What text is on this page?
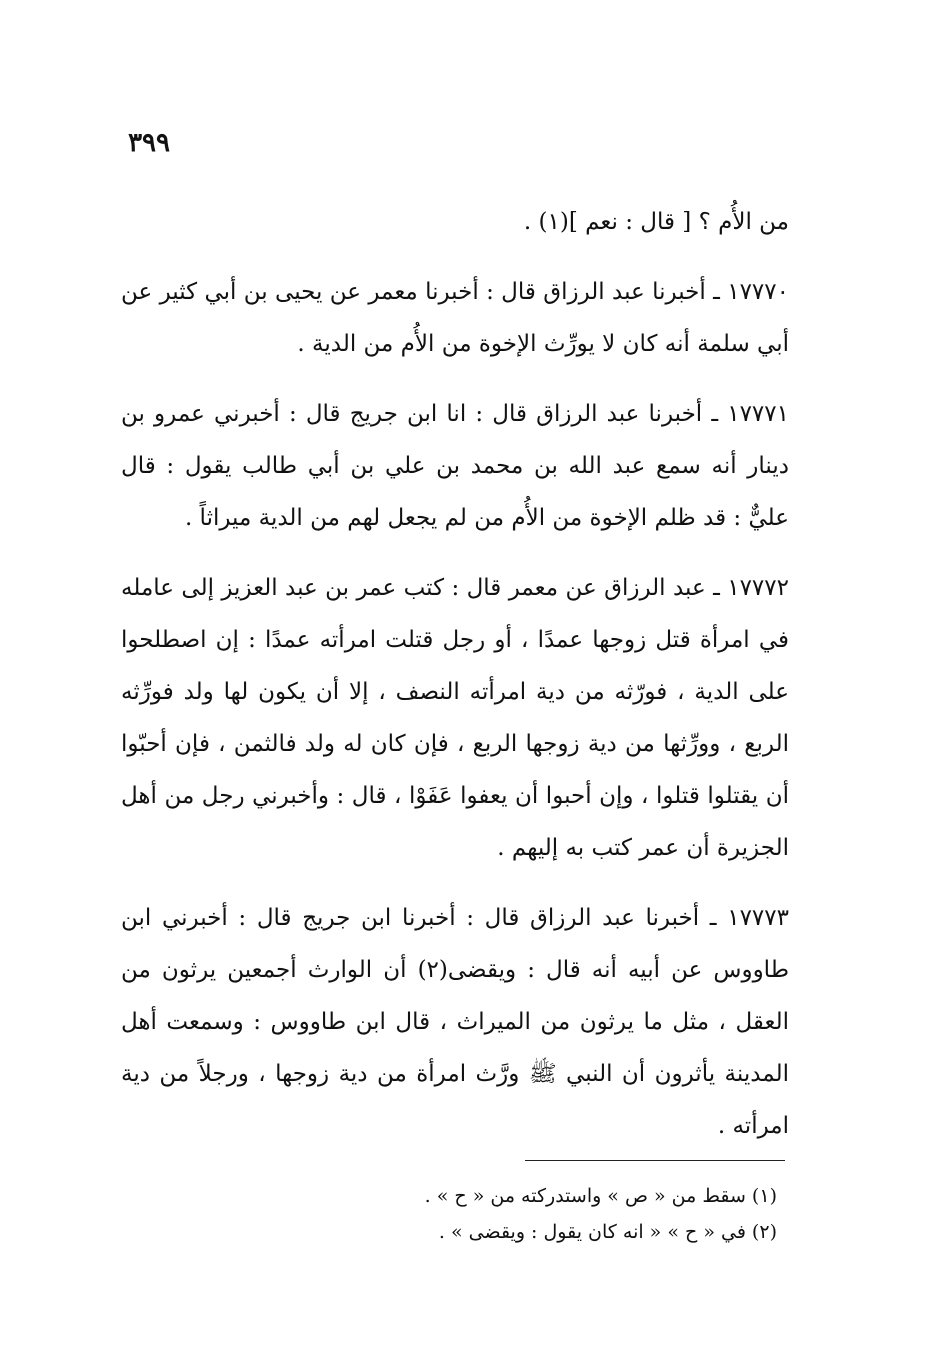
٣٩٩

من الأُم ؟ [ قال : نعم ](١) .

١٧٧٧٠ ـ أخبرنا عبد الرزاق قال : أخبرنا معمر عن يحيى بن أبي كثير عن أبي سلمة أنه كان لا يورِّث الإخوة من الأُم من الدية .

١٧٧٧١ ـ أخبرنا عبد الرزاق قال : انا ابن جريج قال : أخبرني عمرو بن دينار أنه سمع عبد الله بن محمد بن علي بن أبي طالب يقول : قال عليٌّ : قد ظلم الإخوة من الأُم من لم يجعل لهم من الدية ميراثاً .

١٧٧٧٢ ـ عبد الرزاق عن معمر قال : كتب عمر بن عبد العزيز إلى عامله في امرأة قتل زوجها عمدًا ، أو رجل قتلت امرأته عمدًا : إن اصطلحوا على الدية ، فورّثه من دية امرأته النصف ، إلا أن يكون لها ولد فورِّثه الربع ، وورِّثها من دية زوجها الربع ، فإن كان له ولد فالثمن ، فإن أحبّوا أن يقتلوا قتلوا ، وإن أحبوا أن يعفوا عَفَوْا ، قال : وأخبرني رجل من أهل الجزيرة أن عمر كتب به إليهم .

١٧٧٧٣ ـ أخبرنا عبد الرزاق قال : أخبرنا ابن جريج قال : أخبرني ابن طاووس عن أبيه أنه قال : ويقضى(٢) أن الوارث أجمعين يرثون من العقل ، مثل ما يرثون من الميراث ، قال ابن طاووس : وسمعت أهل المدينة يأثرون أن النبي ﷺ ورَّث امرأة من دية زوجها ، ورجلاً من دية امرأته .

(١) سقط من « ص » واستدركته من « ح » .

(٢) في « ح » « انه كان يقول : ويقضى » .
